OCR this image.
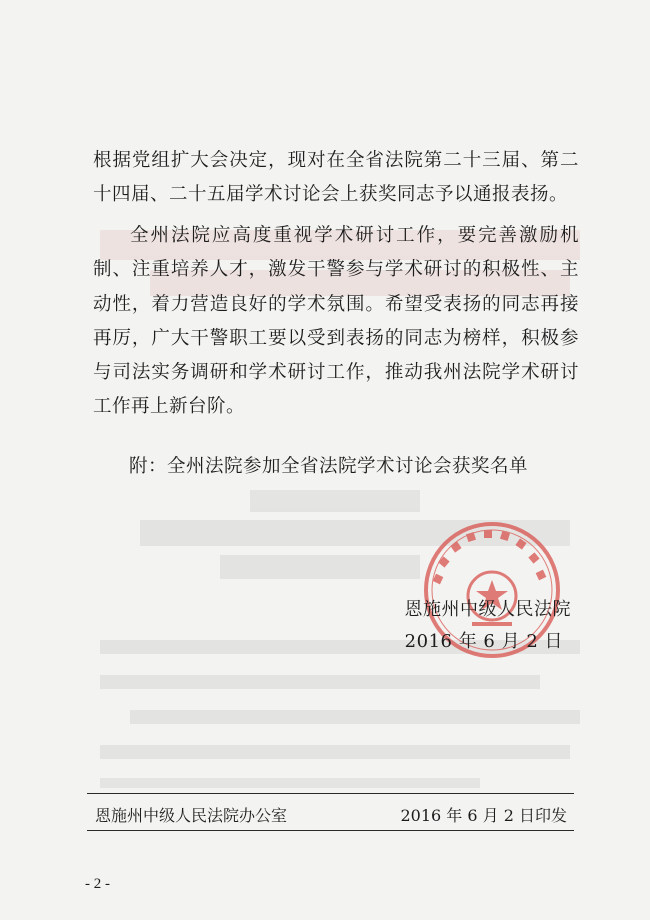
根据党组扩大会决定，现对在全省法院第二十三届、第二十四届、二十五届学术讨论会上获奖同志予以通报表扬。

全州法院应高度重视学术研讨工作，要完善激励机制、注重培养人才，激发干警参与学术研讨的积极性、主动性，着力营造良好的学术氛围。希望受表扬的同志再接再厉，广大干警职工要以受到表扬的同志为榜样，积极参与司法实务调研和学术研讨工作，推动我州法院学术研讨工作再上新台阶。

附：全州法院参加全省法院学术讨论会获奖名单
恩施州中级人民法院
2016 年 6 月 2 日
恩施州中级人民法院办公室	2016 年 6 月 2 日印发
- 2 -
